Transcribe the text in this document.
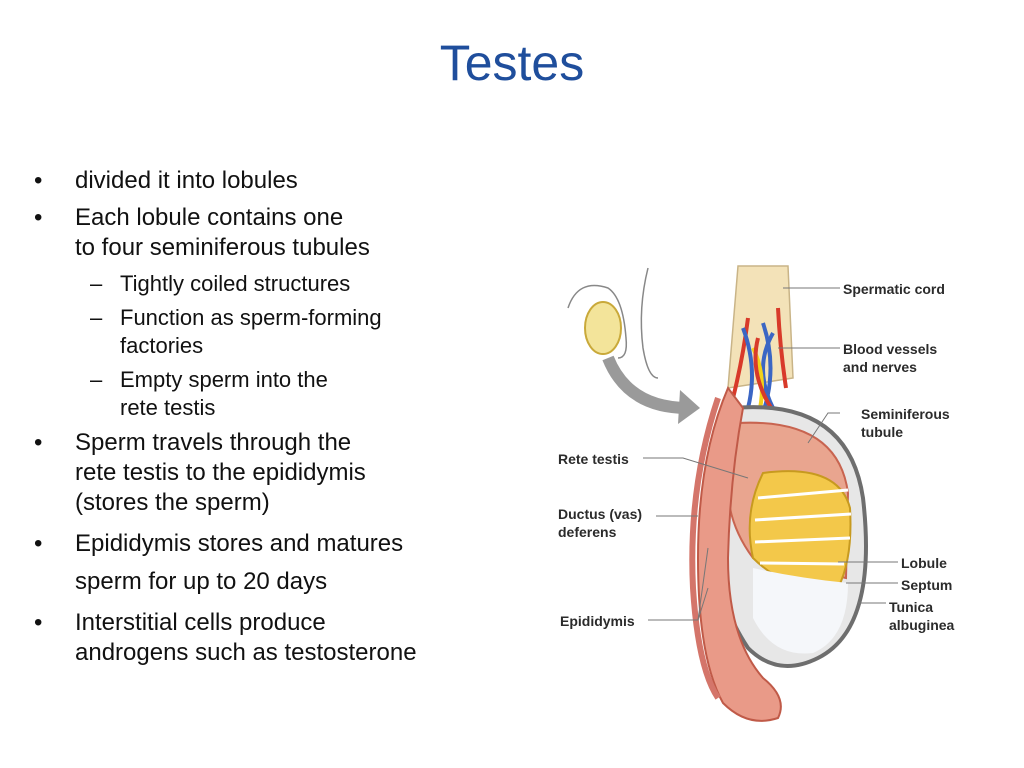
Testes
• divided it into lobules
• Each lobule contains one
to four seminiferous tubules
– Tightly coiled structures
– Function as sperm-forming
factories
– Empty sperm into the
rete testis
• Sperm travels through the
rete testis to the epididymis
(stores the sperm)
• Epididymis stores and matures
sperm for up to 20 days
• Interstitial cells produce
androgens such as testosterone
Spermatic cord
Blood vessels
and nerves
Seminiferous
tubule
Rete testis
Ductus (vas)
deferens
Lobule
Septum
Tunica
albuginea
Epididymis
